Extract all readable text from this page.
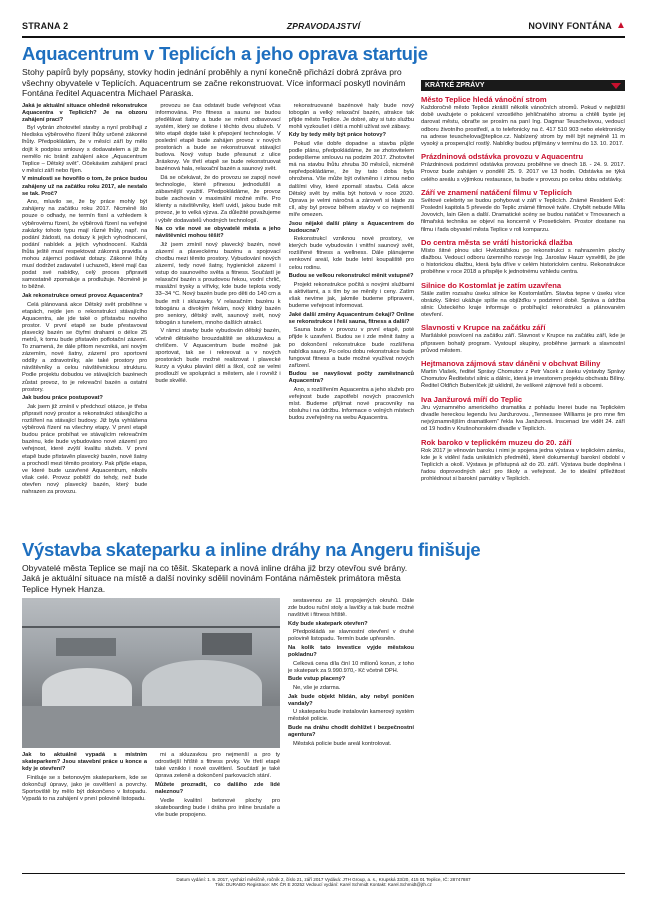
STRANA 2	ZPRAVODAJSTVÍ	NOVINY FONTÁNA ▲
Aquacentrum v Teplicích a jeho oprava startuje

Stohy papírů byly popsány, stovky hodin jednání proběhly a nyní konečně přichází dobrá zpráva pro všechny obyvatele v Teplicích. Aquacentrum se začne rekonstruovat. Více informací poskytl novinám Fontána ředitel Aquacentra Michael Paraska.

Jaká je aktuální situace ohledně rekonstrukce Aquacentra v Teplicích? Je na obzoru zahájení prací?

Byl vybrán zhotovitel stavby a nyní probíhají z hlediska výběrového řízení lhůty určené zákonné lhůty. Předpokládám, že v měsíci září by mělo dojít k podpisu smlouvy s dodavatelem a již že nemělo nic bránit zahájení akce „Aquacentrum Teplice – Dětský svět“. Očekávám zahájení prací v měsíci září nebo říjen.

V minulosti se hovořilo o tom, že práce budou zahájeny už na začátku roku 2017, ale nestalo se tak. Proč?

Ano, mluvilo se, že by práce mohly být zahájeny na začátku roku 2017. Nicméně šlo pouze o odhady, ne termín fixní a vzhledem k výběrovému řízení, že výběrová řízení na veřejné zakázky tohoto typu mají různé lhůty, např. na podání žádosti, na dotazy k jejich vyhodnocení, podání nabídek a jejich vyhodnocení. Každá lhůta ještě musí respektovat zákonná pravidla a mohou zájemci podávat dotazy. Zákonné lhůty musí dodržet zadavatel i uchazeči, které mají čas podat své nabídky, celý proces připraviti samostatně zpomaluje a prodlužuje. Nicméně je to běžné.

Jak rekonstrukce omezí provoz Aquacentra?

Celá plánovaná akce Dětský svět proběhne v etapách, nejde jen o rekonstrukci stávajícího Aquacentra, ale jde také o přístavbu nového prostor. V první etapě se bude přestavovat plavecký bazén se čtyřmi drahami o délce 25 metrů, k tomu bude přistavěn poflotační zázemí. To znamená, že dále přitom nevzniká, ani novým zázemím, nové šatny, zázemí pro sportovní oddíly a zdravotníky, ale také prostory pro návštěvníky a celou návštěvnickou strukturu. Podle projektu dobudou ve stávajících bazénech zůstat provoz, to je rekreační bazén a ostatní prostory.

Jak budou práce postupovat?

Jak jsem již zmínil v předchozí otázce, je třeba připravit nový prostor a rekonstrukci stávajícího a rozšíření na stávající budovy. Již byla vyhlášena výběrová řízení na všechny etapy. V první etapě budou práce probíhat ve stávajícím rekreačním bazénu, kde bude vybudováno nové zázemí pro veřejnost, které zvýší kvalitu služeb. V první etapě bude přistavěn plavecký bazén, nové šatny a prochodí mezi těmito prostory. Pak přijde etapa, ve které bude uzavřené Aquacentrum, nikoliv však celé. Provoz poběží do tehdy, než bude otevřen nový plavecký bazén, který bude nahrazen za provozu.

provozu se čas odstavit bude veřejnost včas informována. Pro fitness a saunu se budou předělávat šatny a bude se měnit odbavovací systém, který se dotkne i těchto dvou služeb. V této etapě dojde také k přepojení technologie. V poslední etapě bude zahájen provoz v nových prostorách a bude se rekonstruovat stávající budova. Nový vstup bude přesunut z ulice Jiráskovy. Ve třetí etapě se bude rekonstruovat bazénová hala, relaxační bazén a saunový svět.

Dá se očekávat, že do provozu se zapojí nové technologie, které přinesou jednodušší a zábavnější využití. Předpokládáme, že provoz bude zachován v maximální možné míře. Pro klienty a návštěvníky, kteří uvidí, jakou bude mít provoz, je to velká výzva. Za důležité považujeme i výběr dodavatelů vhodných technologií.

Na co vše nové se obyvatelé města a jeho návštěvníci mohou těšit?

Již jsem zmínil nový plavecký bazén, nové zázemí a plaveckému bazénu a spojovací chodbu mezi těmito prostory. Vybudování nových zázemí, tedy nové šatny, hygienické zázemí i vstup do saunového světa a fitness. Součástí je relaxační bazén s proudovou řekou, vodní chrlič, masážní trysky a vířivky, kde bude teplota vody 33–34 °C. Nový bazén bude pro děti do 140 cm a bude mít i skluzavky. V relaxačním bazénu k tobogánu a divokým řekám, nový klidný bazén pro seniory, dětský svět, saunový svět, nový tobogán s tunelem, mnoho dalších atrakcí.

V rámci stavby bude vybudován dětský bazén, včetně dětského brouzdaliště se skluzavkou a chrličem. V Aquacentrum bude možné jak sportovat, tak se i rekreovat a v nových prostorách bude možné realizovat i plavecké kurzy a výuku plavání dětí a škol, což se velmi prodlouží ve spolupráci s městem, ale i rovněž i bude skvělé.

rekonstruované bazénové haly bude nový tobogán a velký relaxační bazén, atrakce tak přijde město Teplice. Je dobré, aby si tuto službu mohli vyzkoušet i děti a mohli užívat své zábavy.

Kdy by tedy měly být práce hotovy?

Pokud vše dobře dopadne a stavba půjde podle plánu, předpokládáme, že se zhotovitelem podepíšeme smlouvu na podzim 2017. Zhotovitel má na stavbu lhůtu zhruba 30 měsíců, nicméně nepředpokládáme, že by tato doba byla ohrožena. Vše může být ovlivněno i zimou nebo dalšími vlivy, které zpomalí stavbu. Celá akce Dětský svět by měla být hotová v roce 2020. Oprava je velmi náročná a zároveň si klade za cíl, aby byl provoz během stavby v co nejmenší míře omezen.

Jsou nějaké další plány s Aquacentrem do budoucna?

Rekonstrukcí vzniknou nové prostory, ve kterých bude vybudován i vnitřní saunový svět, rozšířené fitness a wellness. Dále plánujeme venkovní areál, kde bude letní koupaliště pro celou rodinu.

Budou se velkou rekonstrukcí měnit vstupné?

Projekt rekonstrukce počítá s novými službami a aktivitami, a s tím by se měnily i ceny. Zatím však nevíme jak, jakmile budeme připraveni, budeme veřejnost informovat.

Jaké další změny Aquacentrum čekají? Online se rekonstrukce i řeší sauna, fitness a další?

Sauna bude v provozu v první etapě, poté přijde k uzavření. Budou se i zde měnit šatny a po dokončení rekonstrukce bude rozšířena nabídka sauny. Po celou dobu rekonstrukce bude fungovat fitness a bude možné využívat nových zařízení.

Budou se navyšovat počty zaměstnanců Aquacentra?

Ano, s rozšířením Aquacentra a jeho služeb pro veřejnost bude zapotřebí nových pracovních míst. Budeme přijímat nové pracovníky na obsluhu i na údržbu. Informace o volných místech budou zveřejněny na webu Aquacentra.

Výstavba skateparku a inline dráhy na Angeru finišuje

Obyvatelé města Teplice se mají na co těšit. Skatepark a nová inline dráha již brzy otevřou své brány. Jaká je aktuální situace na místě a další novinky sdělil novinám Fontána náměstek primátora města Teplice Hynek Hanza.

Jak to aktuálně vypadá s místním skateparkem? Jsou stavební práce u konce a kdy je otevření?

Finišuje se s betonovým skateparkem, kde se dokončují úpravy, jako je osvětlení a povrchy. Sportoviště by mělo být dokončeno v listopadu. Vypadá to na zahájení v první polovině listopadu.

mi a skluzavkou pro nejmenší a pro ty odrostlejší hřiště s fitness prvky. Ve třetí etapě také vzniklo i nové osvětlení. Součástí je také úprava zeleně a dokončení parkovacích stání.

Můžete prozradit, co dalšího zde lidé naleznou?

Vedle kvalitní betonové plochy pro skateboarding bude i dráha pro inline bruslaře a vše bude propojeno.

sestavenou ze 11 propojených okruhů. Dále zde budou ruční stoly a lavičky a tak bude možné navštívit i fitness hřiště.

Kdy bude skatepark otevřen?

Předpokládá se slavnostní otevření v druhé polovině listopadu. Termín bude upřesněn.

Na kolik tato investice vyjde městskou pokladnu?

Celková cena díla činí 10 milionů korun, z toho je skatepark za 9.990.970,- Kč včetně DPH.

Bude vstup placený?

Ne, vše je zdarma.

Jak bude objekt hlídán, aby nebyl poničen vandaly?

U skateparku bude instalován kamerový systém městské policie.

Bude na dráhu chodit dohlížet i bezpečnostní agentura?

Městská policie bude areál kontrolovat.

KRÁTKÉ ZPRÁVY
Město Teplice hledá vánoční strom

Každoročně město Teplice zkrášlí několik vánočních stromů. Pokud v nejbližší době uvažujete o pokácení vzrostlého jehličnatého stromu a chtěli byste jej darovat městu, obraťte se prosím na paní Ing. Dagmar Teuschelovou, vedoucí odboru životního prostředí, a to telefonicky na č. 417 510 903 nebo elektronicky na adrese teuschelova@teplice.cz. Nabízený strom by měl být nejméně 11 m vysoký a prosperující rostlý. Nabídky budou přijímány v termínu do 13. 10. 2017.

Prázdninová odstávka provozu v Aquacentru

Prázdninová podzimní odstávka provozu proběhne ve dnech 18. - 24. 9. 2017. Provoz bude zahájen v pondělí 25. 9. 2017 ve 13 hodin. Odstávka se týká celého areálu s výjimkou restaurace, ta bude v provozu po celou dobu odstávky.

Září ve znamení natáčení filmu v Teplicích

Světové celebrity se budou pohybovat v září v Teplicích. Známé Resident Evil: Poslední kapitola 5 převede do Teplic známé filmové tváře. Chybět nebude Milla Jovovich, Iain Glen a další. Dramatické scény se budou natáčet v Trnovanech a filmařská technika se objeví na koncerně v Prosetickém. Prostor dostane na filmu i řada obyvatel města Teplice v roli komparzu.

Do centra města se vrátí historická dlažba

Místo šitné plnou ulici Hvězdářskou po rekonstrukci s nahrazením plochy dlažbou. Vedoucí odboru územního rozvoje Ing. Jaroslav Hauzr vysvětlil, že jde o historickou dlažbu, která byla dříve v celém historickém centru. Rekonstrukce proběhne v roce 2018 a přispěje k jednotnému vzhledu centra.

Silnice do Kostomlat je zatím uzavřena

Stále zatím rozsahu úseku silnice ke Kostomlatům. Stavba tepne v úseku více obrázky. Silnici ukážuje spíše na objížďku v podzimní době. Správa a údržba silnic Ústeckého kraje informuje o probíhající rekonstrukci a plánovaném otevření.

Slavnosti v Krupce na začátku září

Maršálské posvícení na začátku září. Slavnost v Krupce na začátku září, kde je připraven bohatý program. Vystoupí skupiny, proběhne jarmark a slavnostní průvod městem.

Hejtmanova zájmová stav dáněni v obchvat Bíliny

Martin Vlašek, ředitel Správy Chomutov z Petr Vacek z úseku výstavby Správy Chomutov Ředitelství silnic a dálnic, která je investorem projektu obchvatu Bíliny. Ředitel Oldřich Bubeníček již uklidnil, že veškeré zájmové řeší s obcemi.

Iva Janžurová míří do Teplic

Jiru významného amerického dramatika z pohladu Inerei bude na Teplickém divadle hereckou legendu Ivu Janžurovou. „Tennessee Williams je pro mne fim nejvýznamnějším dramatikem“ řekla Iva Janžurová. Inscenaci lze vidět 24. září od 19 hodin v Krušnohorském divadle v Teplicích.

Rok baroko v teplickém muzeu do 20. září

Rok 2017 je věnován baroku i nimi je spojena jedna výstava v teplickém zámku, kde je k vidění řada unikátních předmětů, které dokumentují barokní období v Teplicích a okolí. Výstava je přístupná až do 20. září. Výstava bude doplněna i řadou doprovodných akcí pro školy a veřejnost. Je to ideální příležitost prohlédnout si barokní památky v Teplicích.

Datum vydání: 1. 9. 2017, vychází měsíčně, ročník 2, číslo 21, září 2017 Vydává: JTH Group, a. s., Krupská 33/20, 415 01 Teplice, IČ: 28747887
Tisk: DURABO Registrace: MK ČR E 20252 Vedoucí vydání: Karel Schmidt Kontakt: Karel.Schmidt@jth.cz
